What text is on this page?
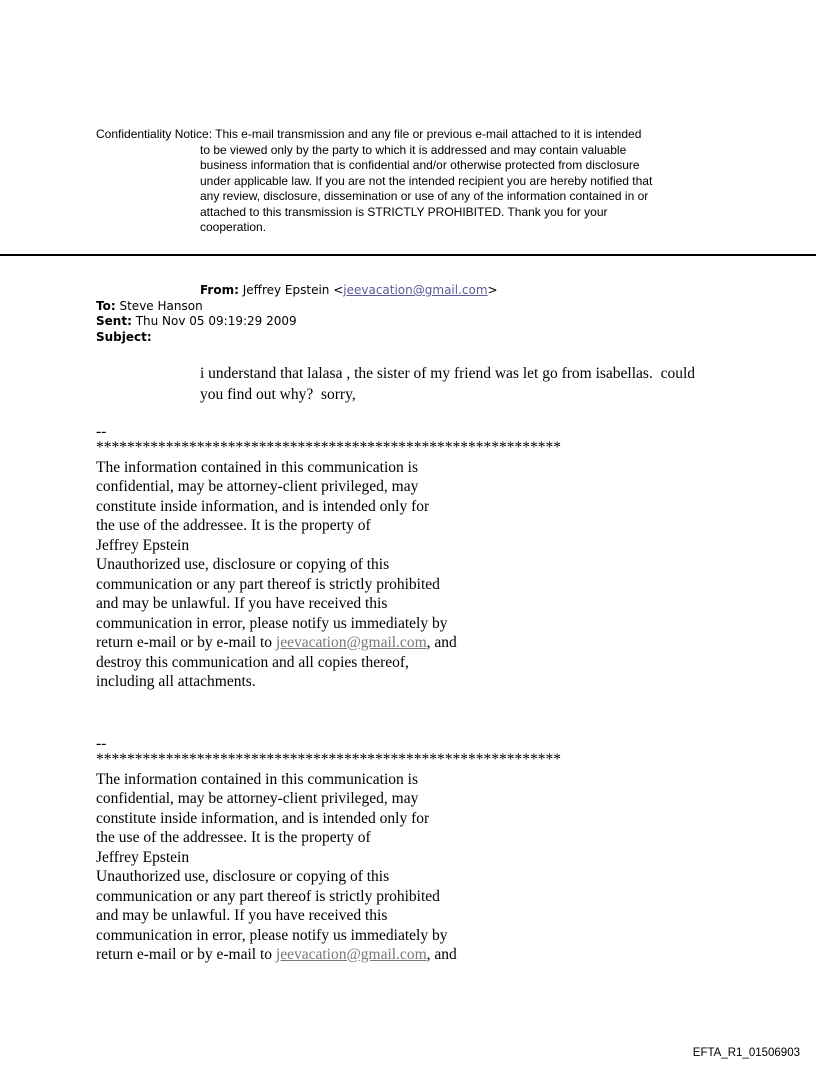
Confidentiality Notice: This e-mail transmission and any file or previous e-mail attached to it is intended
to be viewed only by the party to which it is addressed and may contain valuable
business information that is confidential and/or otherwise protected from disclosure
under applicable law. If you are not the intended recipient you are hereby notified that
any review, disclosure, dissemination or use of any of the information contained in or
attached to this transmission is STRICTLY PROHIBITED. Thank you for your
cooperation.
From: Jeffrey Epstein <jeevacation@gmail.com>
To: Steve Hanson
Sent: Thu Nov 05 09:19:29 2009
Subject:
i understand that lalasa , the sister of my friend was let go from isabellas.  could
you find out why?  sorry,
--
************************************************************
The information contained in this communication is
confidential, may be attorney-client privileged, may
constitute inside information, and is intended only for
the use of the addressee. It is the property of
Jeffrey Epstein
Unauthorized use, disclosure or copying of this
communication or any part thereof is strictly prohibited
and may be unlawful. If you have received this
communication in error, please notify us immediately by
return e-mail or by e-mail to jeevacation@gmail.com, and
destroy this communication and all copies thereof,
including all attachments.
--
************************************************************
The information contained in this communication is
confidential, may be attorney-client privileged, may
constitute inside information, and is intended only for
the use of the addressee. It is the property of
Jeffrey Epstein
Unauthorized use, disclosure or copying of this
communication or any part thereof is strictly prohibited
and may be unlawful. If you have received this
communication in error, please notify us immediately by
return e-mail or by e-mail to jeevacation@gmail.com, and
EFTA_R1_01506903
